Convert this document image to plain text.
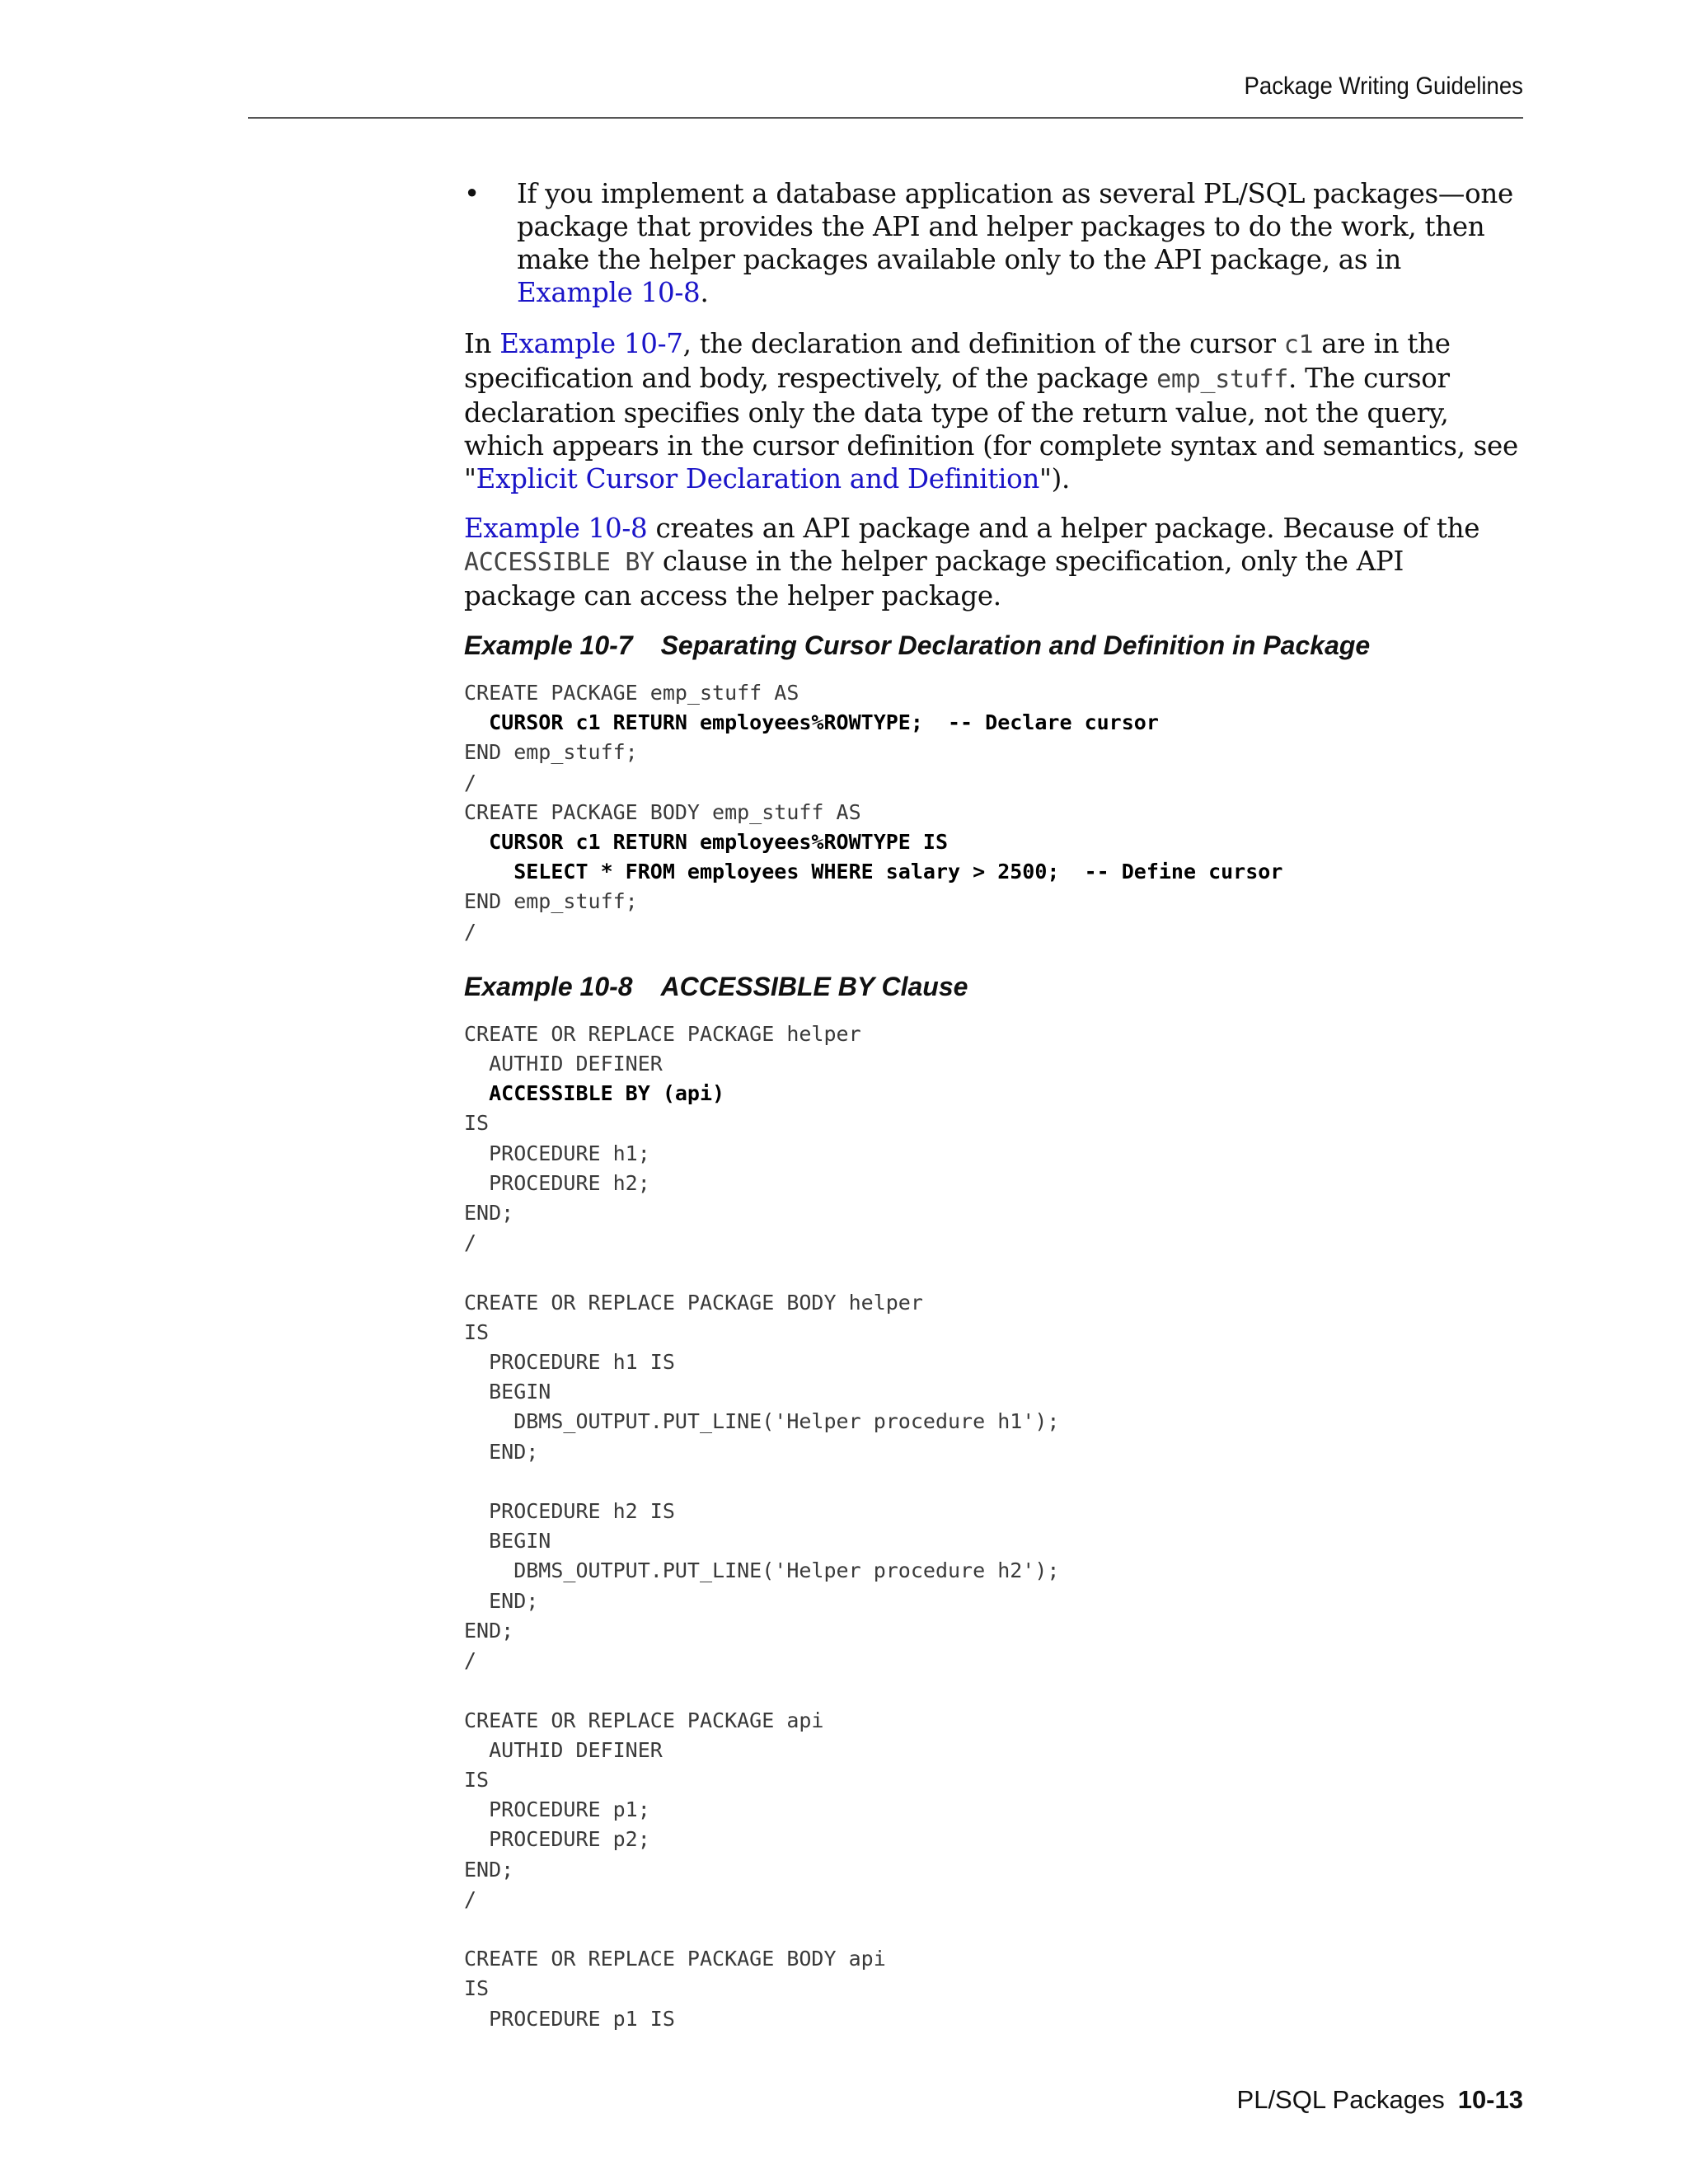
Package Writing Guidelines
• If you implement a database application as several PL/SQL packages—one package that provides the API and helper packages to do the work, then make the helper packages available only to the API package, as in Example 10-8.

In Example 10-7, the declaration and definition of the cursor c1 are in the specification and body, respectively, of the package emp_stuff. The cursor declaration specifies only the data type of the return value, not the query, which appears in the cursor definition (for complete syntax and semantics, see "Explicit Cursor Declaration and Definition").

Example 10-8 creates an API package and a helper package. Because of the ACCESSIBLE BY clause in the helper package specification, only the API package can access the helper package.

Example 10-7 Separating Cursor Declaration and Definition in Package
CREATE PACKAGE emp_stuff AS
CURSOR c1 RETURN employees%ROWTYPE;  -- Declare cursor
END emp_stuff;
/
CREATE PACKAGE BODY emp_stuff AS
CURSOR c1 RETURN employees%ROWTYPE IS
SELECT * FROM employees WHERE salary > 2500;  -- Define cursor
END emp_stuff;
/
Example 10-8 ACCESSIBLE BY Clause
CREATE OR REPLACE PACKAGE helper
AUTHID DEFINER
ACCESSIBLE BY (api)
IS
PROCEDURE h1;
PROCEDURE h2;
END;
/

CREATE OR REPLACE PACKAGE BODY helper
IS
PROCEDURE h1 IS
BEGIN
DBMS_OUTPUT.PUT_LINE('Helper procedure h1');
END;

PROCEDURE h2 IS
BEGIN
DBMS_OUTPUT.PUT_LINE('Helper procedure h2');
END;
END;
/

CREATE OR REPLACE PACKAGE api
AUTHID DEFINER
IS
PROCEDURE p1;
PROCEDURE p2;
END;
/

CREATE OR REPLACE PACKAGE BODY api
IS
PROCEDURE p1 IS
PL/SQL Packages 10-13
